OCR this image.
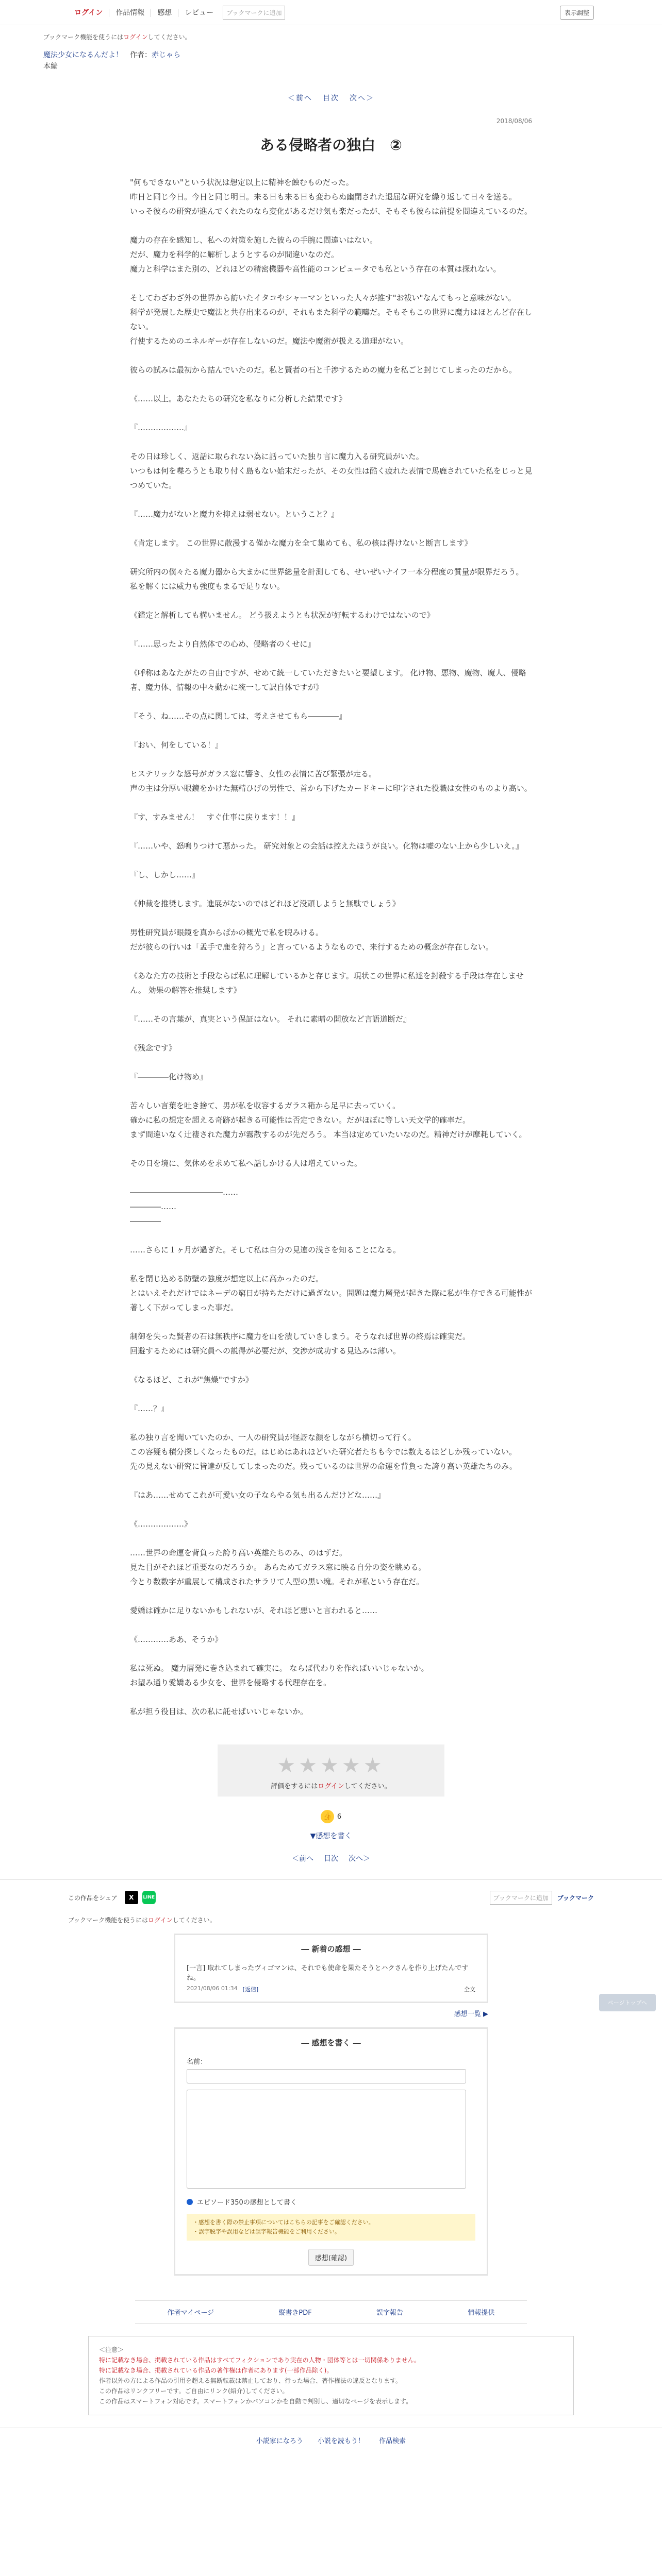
ログイン 作品情報 感想 レビュー	ブックマークに追加	表示調整
ブックマーク機能を使うにはログインしてください。
魔法少女になるんだよ！　 作者：赤じゃら
本編
＜前へ 目次 次へ＞
2018/08/06
ある侵略者の独白　②

"何もできない"という状況は想定以上に精神を蝕むものだった。

昨日と同じ今日。今日と同じ明日。来る日も来る日も変わらぬ幽閉された退屈な研究を繰り返して日々を送る。

いっそ彼らの研究が進んでくれたのなら変化があるだけ気も楽だったが、そもそも彼らは前提を間違えているのだ。

魔力の存在を感知し、私への対策を施した彼らの手腕に間違いはない。

だが、魔力を科学的に解析しようとするのが間違いなのだ。

魔力と科学はまた別の、どれほどの精密機器や高性能のコンピュータでも私という存在の本質は探れない。

そしてわざわざ外の世界から訪いたイタコやシャーマンといった人々が推す"お祓い"なんてもっと意味がない。

科学が発展した歴史で魔法と共存出来るのが、それもまた科学の範疇だ。そもそもこの世界に魔力はほとんど存在しない。

行使するためのエネルギーが存在しないのだ。魔法や魔術が扱える道理がない。

彼らの試みは最初から詰んでいたのだ。私と賢者の石と千渉するための魔力を私ごと封じてしまったのだから。

《……以上。あなたたちの研究を私なりに分析した結果です》

『………………』

その日は珍しく、返話に取られない為に話っていた独り言に魔力入る研究員がいた。

いつもは何を喋ろうとも取り付く島もない始末だったが、その女性は酷く疲れた表情で馬鹿されていた私をじっと見つめていた。

『……魔力がないと魔力を抑えは弱せない。ということ？』

《肯定します。 この世界に散漫する僅かな魔力を全て集めても、私の核は得けないと断言します》

研究所内の僕々たる魔力器から大まかに世界総量を計測しても、せいぜいナイフ一本分程度の質量が限界だろう。 私を解くには威力も強度もまるで足りない。

《鑑定と解析しても構いません。 どう扱えようとも状況が好転するわけではないので》

『……思ったより自然体での心め、侵略者のくせに』

《呼称はあなたがたの自由ですが、せめて統一していただきたいと要望します。 化け物、悪物、魔物、魔人、侵略者、魔力体、情報の中々動かに統一して訳自体ですが》

『そう、ね……その点に関しては、考えさせてもら――――』

『おい、何をしている！』

ヒステリックな怒号がガラス窓に響き、女性の表情に苦び緊張が走る。

声の主は分厚い眼鏡をかけた無精ひげの男性で、首から下げたカードキーに印字された役職は女性のものより高い。

『す、すみません！　すぐ仕事に戻ります！！』

『……いや、怒鳴りつけて悪かった。 研究対象との会話は控えたほうが良い。化物は嘘のない上から少しいえ。』

『し、しかし……』

《仲裁を推奨します。進展がないのではどれほど没頭しようと無駄でしょう》

男性研究員が眼鏡を真からぱかの概光で私を睨みける。

だが彼らの行いは「孟手で鹿を狩ろう」と言っているようなもので、来行するための概念が存在しない。

《あなた方の技術と手段ならば私に理解しているかと存じます。現状この世界に私達を封殺する手段は存在しません。 効果の解答を推奨します》

『……その言葉が、真実という保証はない。 それに素晴の開放など言語道断だ』

《残念です》

『――――化け物め』

苦々しい言葉を吐き捨て、男が私を収容するガラス箱から足早に去っていく。

確かに私の想定を超える奇跡が起きる可能性は否定できない。だがほぼに等しい天文学的確率だ。

まず間違いなく辻褄された魔力が霧散するのが先だろう。 本当は定めていたいなのだ。精神だけが摩耗していく。

その日を境に、気休めを求めて私へ話しかける人は増えていった。

――――――――――――……

――――……

――――

……さらに１ヶ月が過ぎた。そして私は自分の見違の浅さを知ることになる。

私を閉じ込める防壁の強度が想定以上に高かったのだ。

とはいえそれだけではネーデの窮日が持ちただけに過ぎない。問題は魔力層発が起きた際に私が生存できる可能性が著しく下がってしまった事だ。

制御を失った賢者の石は無秩序に魔力を山を潰していきしまう。そうなれば世界の終焉は確実だ。

回避するためには研究員への説得が必要だが、交渉が成功する見込みは薄い。

《なるほど、これが"焦燥"ですか》

『……？』

私の独り言を聞いていたのか、一人の研究員が怪訝な顔をしながら横切って行く。

この容疑も積分探しくなったものだ。はじめはあれほどいた研究者たちも今では数えるほどしか残っていない。

先の見えない研究に皆達が反してしまったのだ。残っているのは世界の命運を背負った誇り高い英雄たちのみ。

『はあ……せめてこれが可愛い女の子ならやる気も出るんだけどな……』

《………………》

……世界の命運を背負った誇り高い英雄たちのみ、のはずだ。

見た目がそれほど重要なのだろうか。 あらためてガラス窓に映る自分の姿を眺める。

今とり数数字が重展して構成されたサラリて人型の黒い塊。それが私という存在だ。

愛嬌は確かに足りないかもしれないが、それほど悪いと言われると……

《…………ああ、そうか》

私は死ぬ。 魔力層発に巻き込まれて確実に。 ならば代わりを作ればいいじゃないか。

お望み通り愛嬌ある少女を、世界を侵略する代理存在を。

私が担う役目は、次の私に託せばいいじゃないか。

★★★★★
評価をするにはログインしてください。
👍 6
▼感想を書く
＜前へ 目次 次へ＞
この作品をシェア	X	LINE	ブックマークに追加	ブックマーク
ブックマーク機能を使うにはログインしてください。
― 新着の感想 ―
[一言] 取れてしまったヴィゴマンは、それでも使命を果たそうとハクさんを作り上げたんですね。
2021/08/06 01:34 [返信]	全文
感想一覧 ▶
― 感想を書く ―
名前：
エピソード350の感想として書く
・感想を書く際の禁止事項についてはこちらの記事をご確認ください。
・誤字脱字や誤用などは誤字報告機能をご利用ください。
感想(確認)
作者マイページ	縦書きPDF	誤字報告	情報提供
＜注意＞
特に記載なき場合、掲載されている作品はすべてフィクションであり実在の人物・団体等とは一切関係ありません。
特に記載なき場合、掲載されている作品の著作権は作者にあります(一部作品除く)。
作者以外の方による作品の引用を超える無断転載は禁止しており、行った場合、著作権法の違反となります。
この作品はリンクフリーです。ご自由にリンク(紹介)してください。
この作品はスマートフォン対応です。スマートフォンかパソコンかを自動で判別し、適切なページを表示します。
小説家になろう 小説を読もう！ 作品検索
ページトップへ
